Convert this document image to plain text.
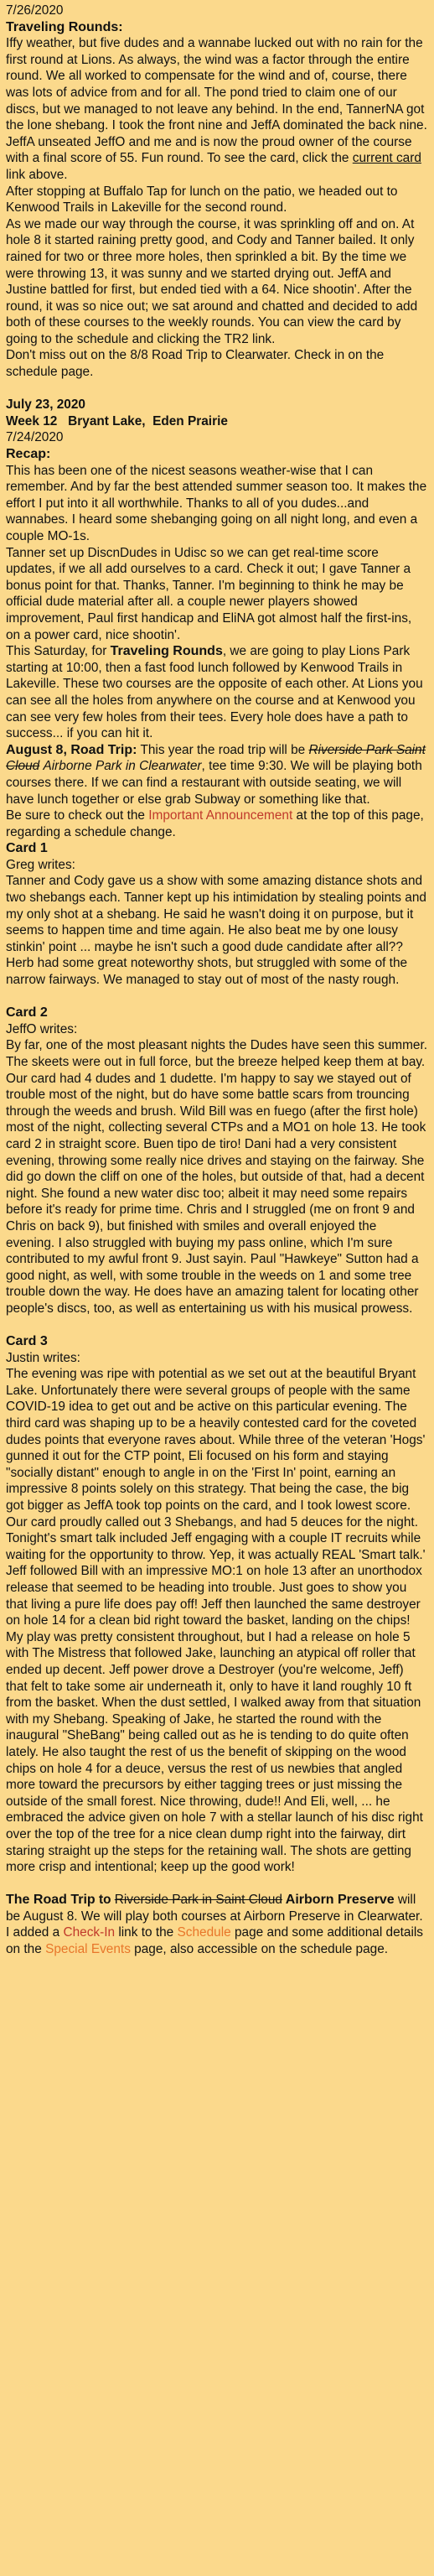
7/26/2020

Traveling Rounds:

Iffy weather, but five dudes and a wannabe lucked out with no rain for the first round at Lions. As always, the wind was a factor through the entire round. We all worked to compensate for the wind and of, course, there was lots of advice from and for all. The pond tried to claim one of our discs, but we managed to not leave any behind. In the end, TannerNA got the lone shebang. I took the front nine and JeffA dominated the back nine. JeffA unseated JeffO and me and is now the proud owner of the course with a final score of 55. Fun round. To see the card, click the current card link above.

After stopping at Buffalo Tap for lunch on the patio, we headed out to Kenwood Trails in Lakeville for the second round.

As we made our way through the course, it was sprinkling off and on. At hole 8 it started raining pretty good, and Cody and Tanner bailed. It only rained for two or three more holes, then sprinkled a bit. By the time we were throwing 13, it was sunny and we started drying out. JeffA and Justine battled for first, but ended tied with a 64. Nice shootin'. After the round, it was so nice out; we sat around and chatted and decided to add both of these courses to the weekly rounds. You can view the card by going to the schedule and clicking the TR2 link.

Don't miss out on the 8/8 Road Trip to Clearwater. Check in on the schedule page.

July 23, 2020

Week 12   Bryant Lake,  Eden Prairie

7/24/2020

Recap:

This has been one of the nicest seasons weather-wise that I can remember. And by far the best attended summer season too. It makes the effort I put into it all worthwhile. Thanks to all of you dudes...and wannabes. I heard some shebanging going on all night long, and even a couple MO-1s.

Tanner set up DiscnDudes in Udisc so we can get real-time score updates, if we all add ourselves to a card. Check it out; I gave Tanner a bonus point for that. Thanks, Tanner. I'm beginning to think he may be official dude material after all. a couple newer players showed improvement, Paul first handicap and EliNA got almost half the first-ins, on a power card, nice shootin'.

This Saturday, for Traveling Rounds, we are going to play Lions Park starting at 10:00, then a fast food lunch followed by Kenwood Trails in Lakeville. These two courses are the opposite of each other. At Lions you can see all the holes from anywhere on the course and at Kenwood you can see very few holes from their tees. Every hole does have a path to success... if you can hit it.

August 8, Road Trip: This year the road trip will be Riverside Park Saint Cloud Airborne Park in Clearwater, tee time 9:30. We will be playing both courses there. If we can find a restaurant with outside seating, we will have lunch together or else grab Subway or something like that.

Be sure to check out the Important Announcement at the top of this page, regarding a schedule change.

Card 1

Greg writes:

Tanner and Cody gave us a show with some amazing distance shots and two shebangs each. Tanner kept up his intimidation by stealing points and my only shot at a shebang. He said he wasn't doing it on purpose, but it seems to happen time and time again. He also beat me by one lousy stinkin' point ... maybe he isn't such a good dude candidate after all??

Herb had some great noteworthy shots, but struggled with some of the narrow fairways. We managed to stay out of most of the nasty rough.

Card 2

JeffO writes:

By far, one of the most pleasant nights the Dudes have seen this summer. The skeets were out in full force, but the breeze helped keep them at bay. Our card had 4 dudes and 1 dudette. I'm happy to say we stayed out of trouble most of the night, but do have some battle scars from trouncing through the weeds and brush. Wild Bill was en fuego (after the first hole) most of the night, collecting several CTPs and a MO1 on hole 13. He took card 2 in straight score. Buen tipo de tiro! Dani had a very consistent evening, throwing some really nice drives and staying on the fairway. She did go down the cliff on one of the holes, but outside of that, had a decent night. She found a new water disc too; albeit it may need some repairs before it's ready for prime time. Chris and I struggled (me on front 9 and Chris on back 9), but finished with smiles and overall enjoyed the evening. I also struggled with buying my pass online, which I'm sure contributed to my awful front 9. Just sayin. Paul "Hawkeye" Sutton had a good night, as well, with some trouble in the weeds on 1 and some tree trouble down the way. He does have an amazing talent for locating other people's discs, too, as well as entertaining us with his musical prowess.

Card 3

Justin writes:

The evening was ripe with potential as we set out at the beautiful Bryant Lake. Unfortunately there were several groups of people with the same COVID-19 idea to get out and be active on this particular evening. The third card was shaping up to be a heavily contested card for the coveted dudes points that everyone raves about. While three of the veteran 'Hogs' gunned it out for the CTP point, Eli focused on his form and staying "socially distant" enough to angle in on the 'First In' point, earning an impressive 8 points solely on this strategy. That being the case, the big got bigger as JeffA took top points on the card, and I took lowest score. Our card proudly called out 3 Shebangs, and had 5 deuces for the night. Tonight's smart talk included Jeff engaging with a couple IT recruits while waiting for the opportunity to throw. Yep, it was actually REAL 'Smart talk.' Jeff followed Bill with an impressive MO:1 on hole 13 after an unorthodox release that seemed to be heading into trouble. Just goes to show you that living a pure life does pay off! Jeff then launched the same destroyer on hole 14 for a clean bid right toward the basket, landing on the chips! My play was pretty consistent throughout, but I had a release on hole 5 with The Mistress that followed Jake, launching an atypical off roller that ended up decent. Jeff power drove a Destroyer (you're welcome, Jeff) that felt to take some air underneath it, only to have it land roughly 10 ft from the basket. When the dust settled, I walked away from that situation with my Shebang. Speaking of Jake, he started the round with the inaugural "SheBang" being called out as he is tending to do quite often lately. He also taught the rest of us the benefit of skipping on the wood chips on hole 4 for a deuce, versus the rest of us newbies that angled more toward the precursors by either tagging trees or just missing the outside of the small forest. Nice throwing, dude!! And Eli, well, ... he embraced the advice given on hole 7 with a stellar launch of his disc right over the top of the tree for a nice clean dump right into the fairway, dirt staring straight up the steps for the retaining wall. The shots are getting more crisp and intentional; keep up the good work!

The Road Trip to Riverside Park in Saint Cloud Airborn Preserve will be August 8. We will play both courses at Airborn Preserve in Clearwater. I added a Check-In link to the Schedule page and some additional details on the Special Events page, also accessible on the schedule page.
